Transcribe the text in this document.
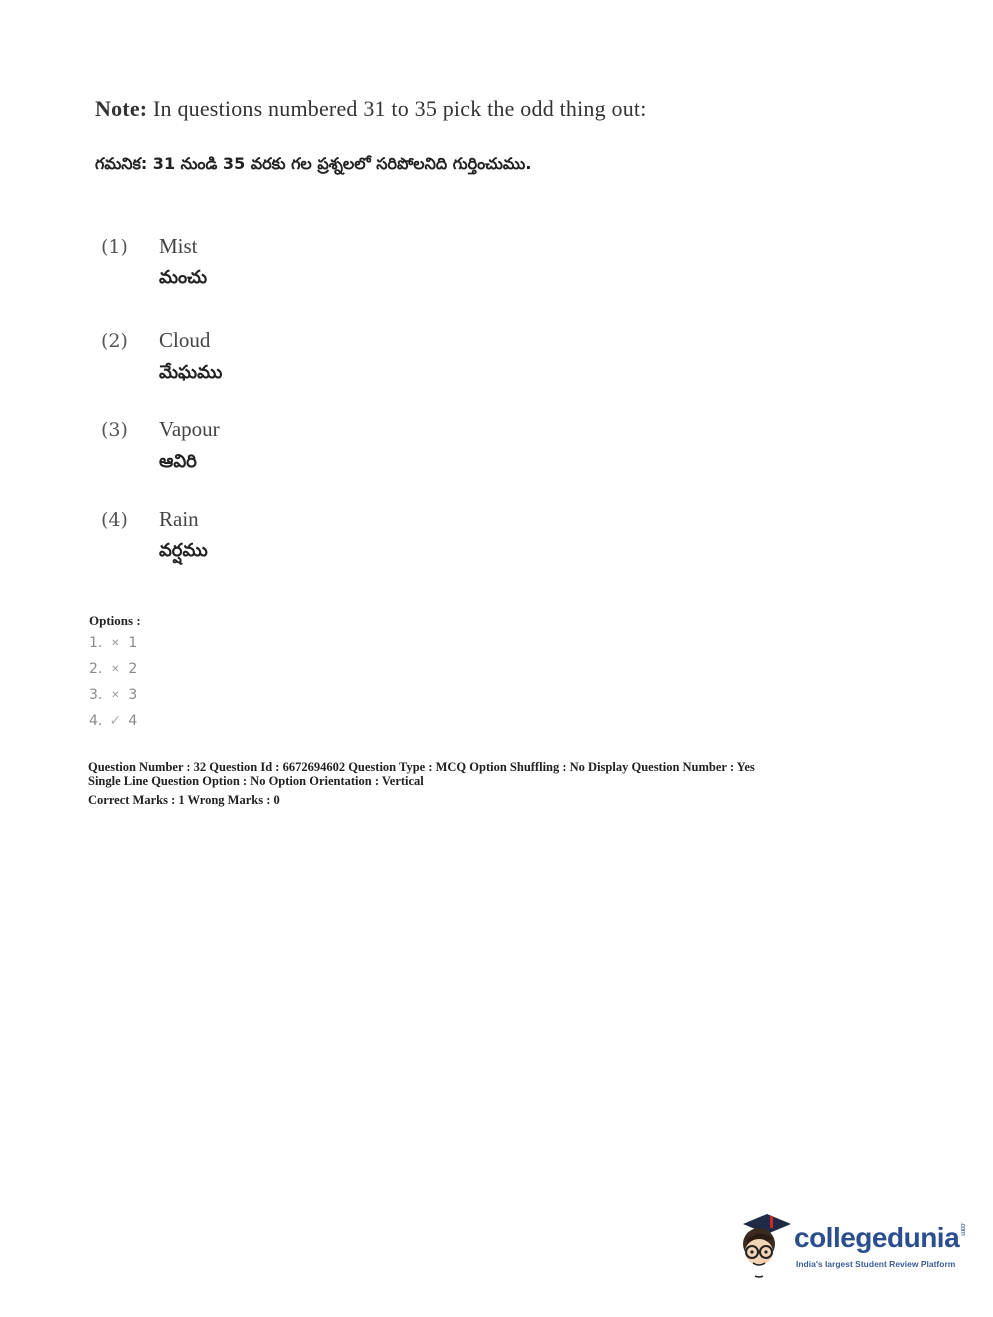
Note: In questions numbered 31 to 35 pick the odd thing out:
గమనిక: 31 నుండి 35 వరకు గల ప్రశ్నలలో సరిపోలనిది గుర్తించుము.
(1) Mist
మంచు
(2) Cloud
మేఘము
(3) Vapour
ఆవిరి
(4) Rain
వర్షము
Options :
1. ✕ 1
2. ✕ 2
3. ✕ 3
4. ✓ 4
Question Number : 32 Question Id : 6672694602 Question Type : MCQ Option Shuffling : No Display Question Number : Yes
Single Line Question Option : No Option Orientation : Vertical
Correct Marks : 1 Wrong Marks : 0
collegedunia.com
India's largest Student Review Platform
